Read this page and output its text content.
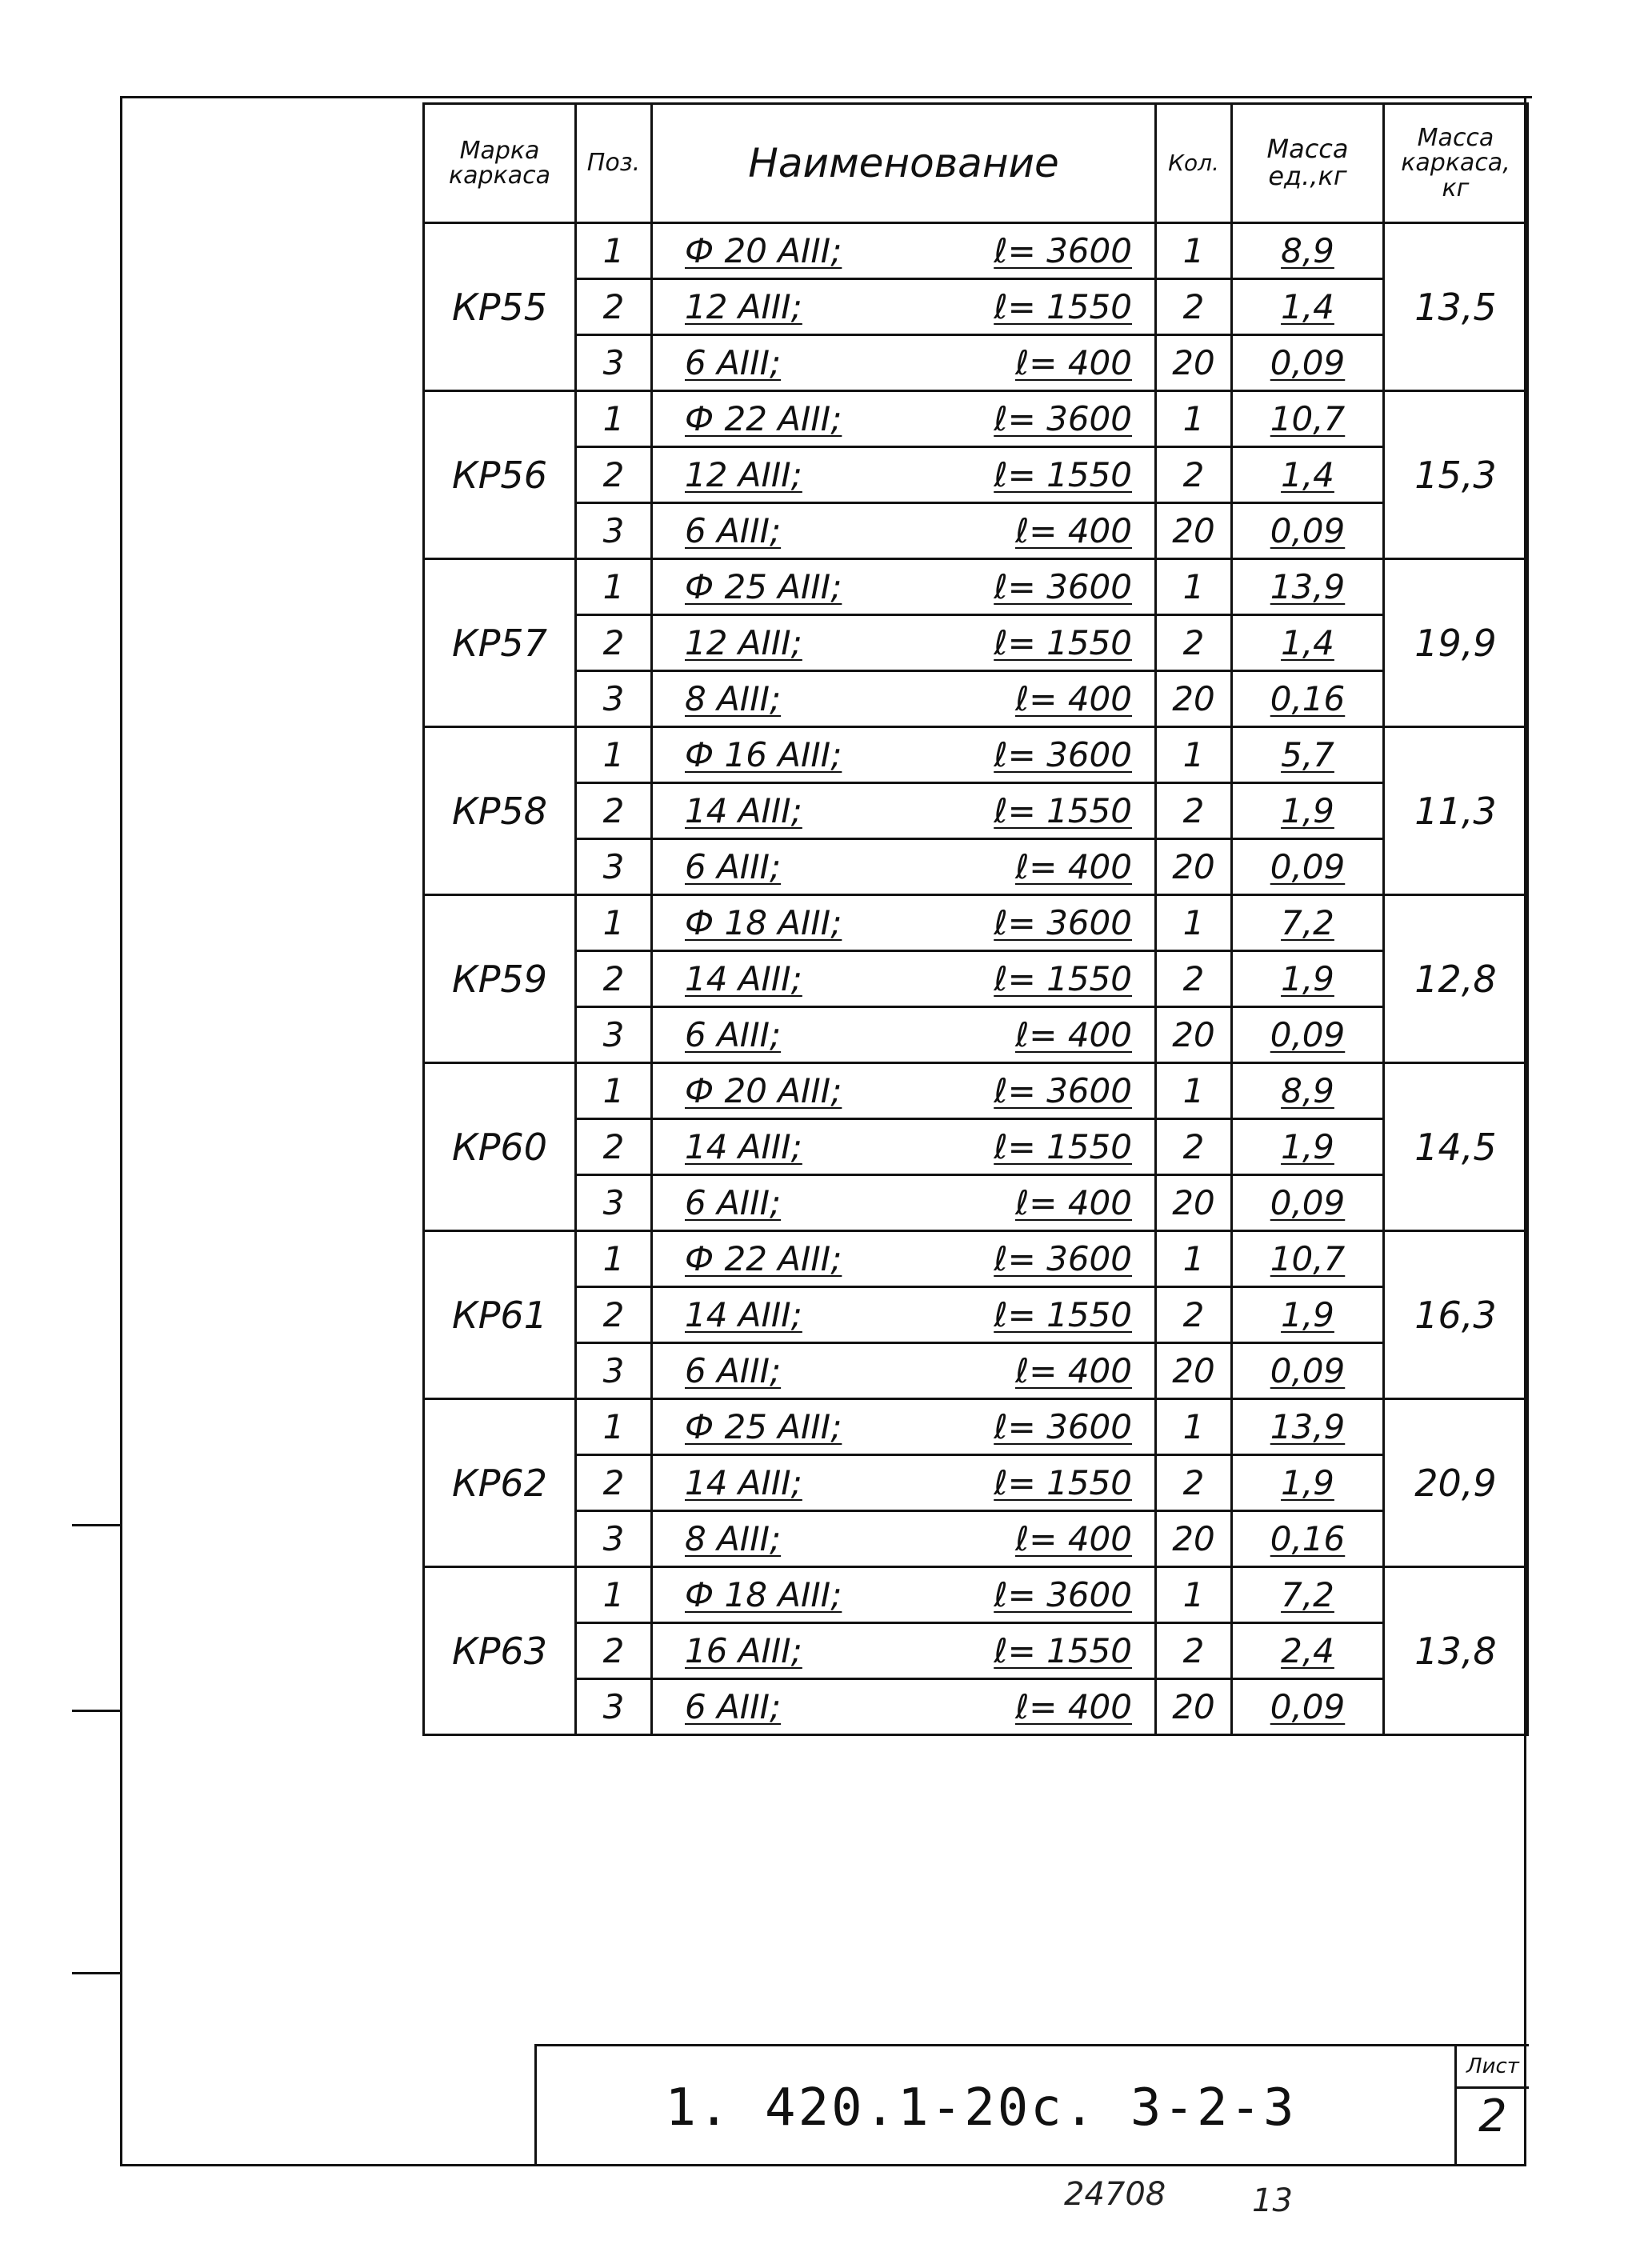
Марка каркаса	Поз.	Наименование	Кол.	Масса ед.,кг	Масса каркаса, кг
КР55	1	Ф 20 АIII; ℓ= 3600	1	8,9	13,5
	2	12 АIII; ℓ= 1550	2	1,4	
	3	6 АIII; ℓ= 400	20	0,09	
КР56	1	Ф 22 АIII; ℓ= 3600	1	10,7	15,3
	2	12 АIII; ℓ= 1550	2	1,4	
	3	6 АIII; ℓ= 400	20	0,09	
КР57	1	Ф 25 АIII; ℓ= 3600	1	13,9	19,9
	2	12 АIII; ℓ= 1550	2	1,4	
	3	8 АIII; ℓ= 400	20	0,16	
КР58	1	Ф 16 АIII; ℓ= 3600	1	5,7	11,3
	2	14 АIII; ℓ= 1550	2	1,9	
	3	6 АIII; ℓ= 400	20	0,09	
КР59	1	Ф 18 АIII; ℓ= 3600	1	7,2	12,8
	2	14 АIII; ℓ= 1550	2	1,9	
	3	6 АIII; ℓ= 400	20	0,09	
КР60	1	Ф 20 АIII; ℓ= 3600	1	8,9	14,5
	2	14 АIII; ℓ= 1550	2	1,9	
	3	6 АIII; ℓ= 400	20	0,09	
КР61	1	Ф 22 АIII; ℓ= 3600	1	10,7	16,3
	2	14 АIII; ℓ= 1550	2	1,9	
	3	6 АIII; ℓ= 400	20	0,09	
КР62	1	Ф 25 АIII; ℓ= 3600	1	13,9	20,9
	2	14 АIII; ℓ= 1550	2	1,9	
	3	8 АIII; ℓ= 400	20	0,16	
КР63	1	Ф 18 АIII; ℓ= 3600	1	7,2	13,8
	2	16 АIII; ℓ= 1550	2	2,4	
	3	6 АIII; ℓ= 400	20	0,09	
1. 420.1-20с. 3-2-3
Лист
2
24708	13
